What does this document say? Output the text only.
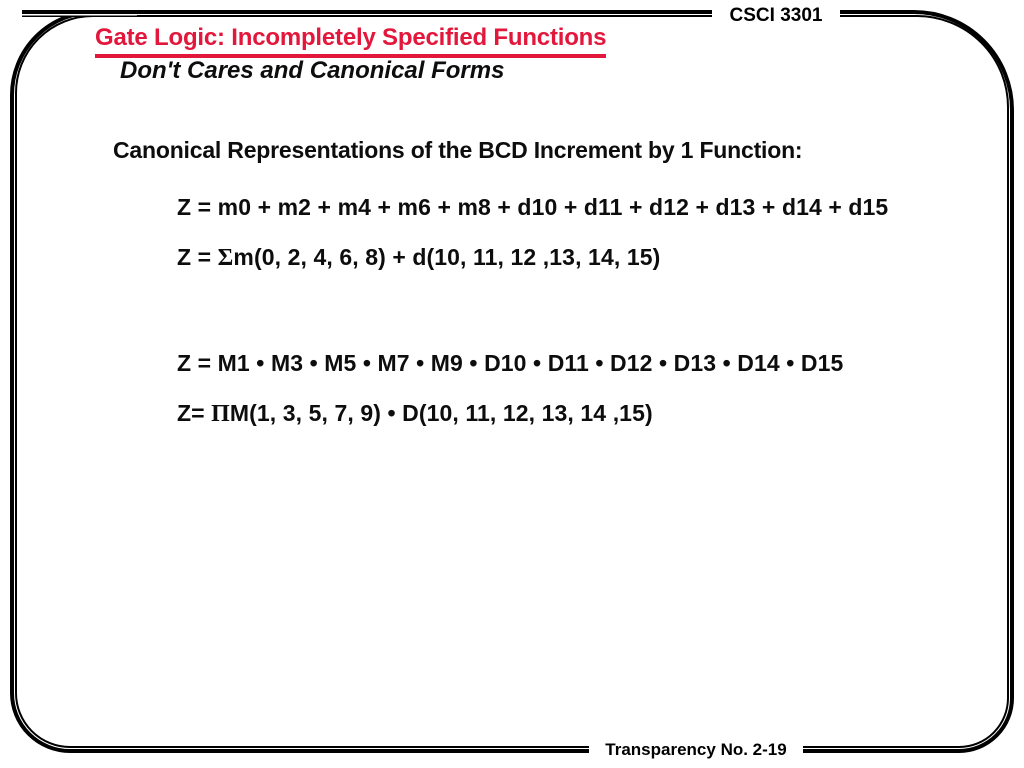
CSCI 3301
Gate Logic: Incompletely Specified Functions
Don't Cares and Canonical Forms
Canonical Representations of the BCD Increment by 1 Function:
Z = m0 + m2 + m4 + m6 + m8 + d10 + d11 + d12 + d13 + d14 + d15
Z = Σm(0, 2, 4, 6, 8) + d(10, 11, 12 ,13, 14, 15)
Z = M1 • M3 • M5 • M7 • M9 • D10 • D11 • D12 • D13 • D14 • D15
Z= ΠM(1, 3, 5, 7, 9) • D(10, 11, 12, 13, 14 ,15)
Transparency No. 2-19
